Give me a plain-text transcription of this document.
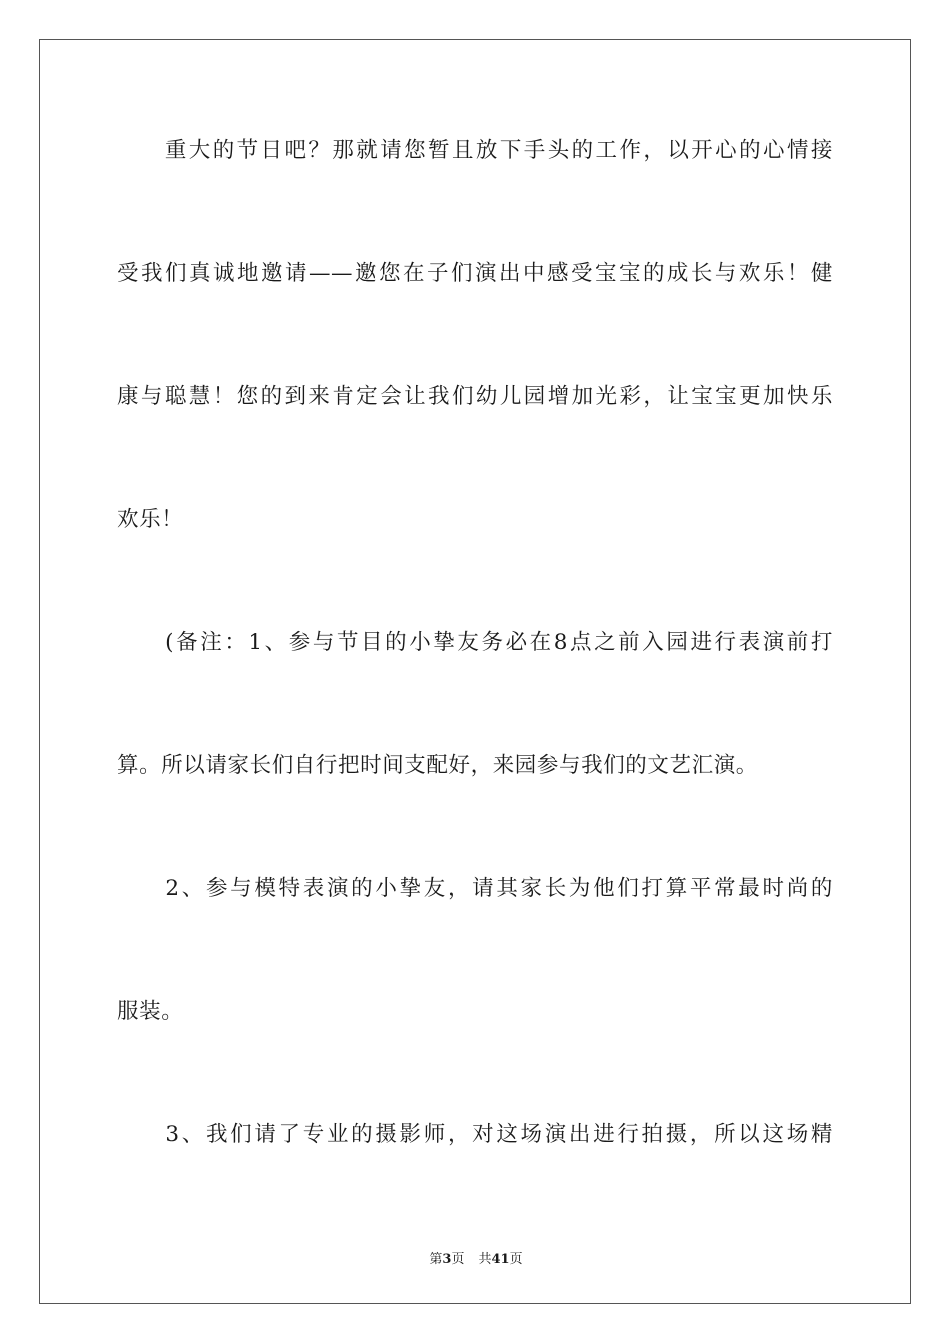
　　重大的节日吧？那就请您暂且放下手头的工作，以开心的心情接
受我们真诚地邀请——邀您在子们演出中感受宝宝的成长与欢乐！健
康与聪慧！您的到来肯定会让我们幼儿园增加光彩，让宝宝更加快乐
欢乐！
　　(备注：1、参与节目的小挚友务必在8点之前入园进行表演前打
算。所以请家长们自行把时间支配好，来园参与我们的文艺汇演。
　　2、参与模特表演的小挚友，请其家长为他们打算平常最时尚的
服装。
　　3、我们请了专业的摄影师，对这场演出进行拍摄，所以这场精
第3页 共41页
